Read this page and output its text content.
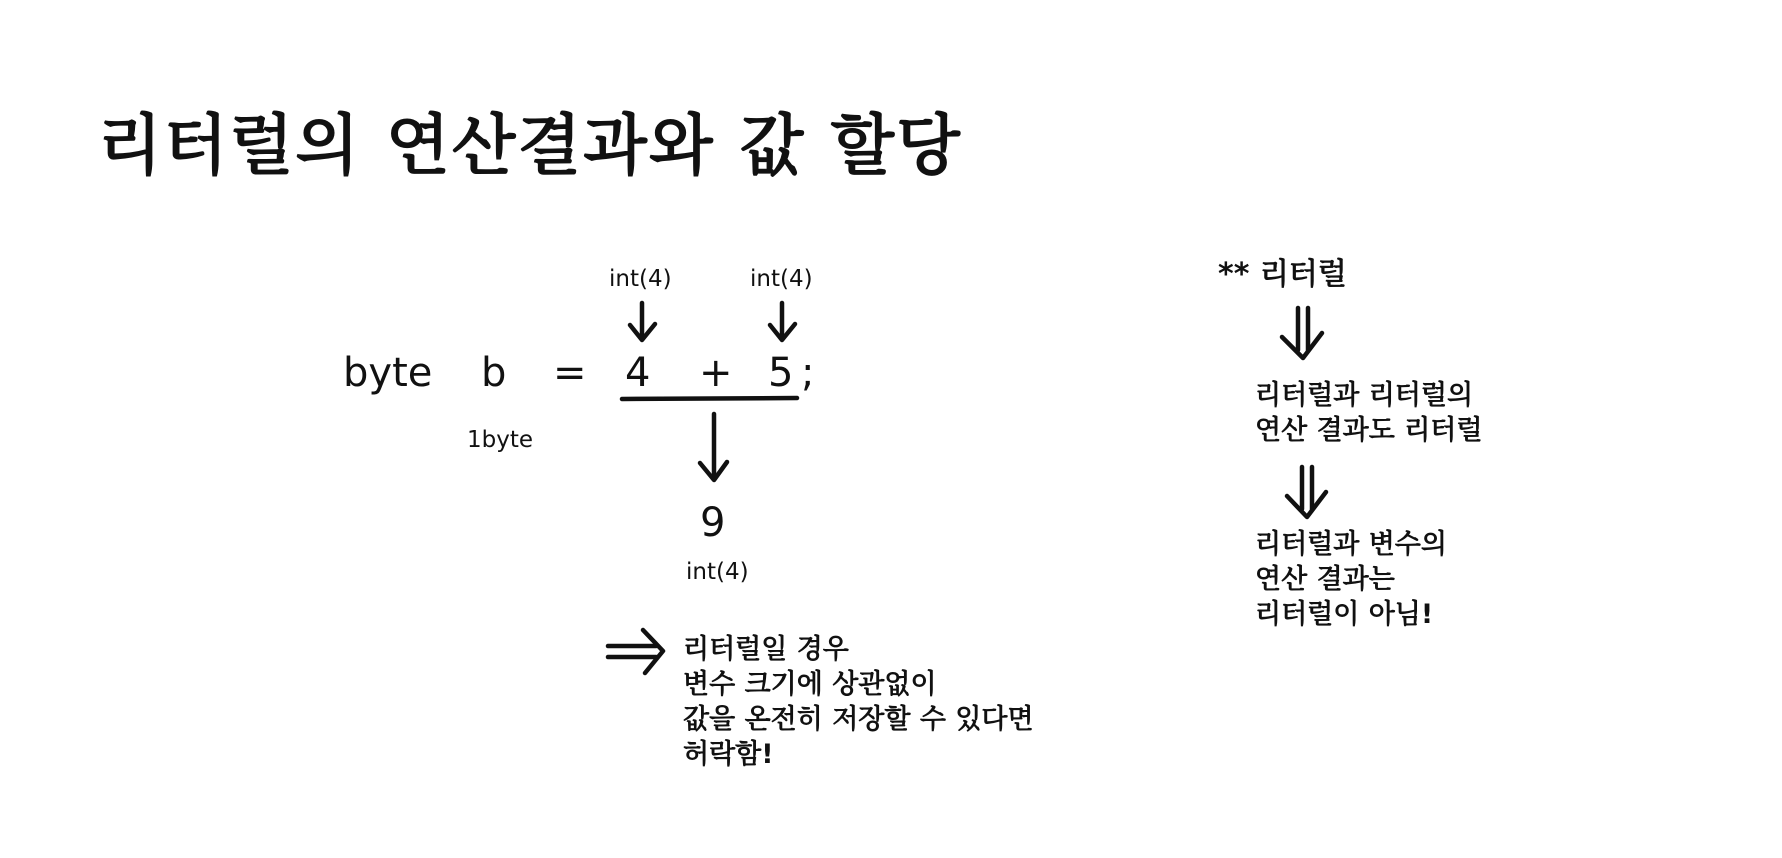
리터럴의 연산결과와 값 할당
byte b = 4 + 5 ;
int(4)	int(4)
1byte
9
int(4)
리터럴일 경우
변수 크기에 상관없이
값을 온전히 저장할 수 있다면
허락함!
** 리터럴
리터럴과 리터럴의
연산 결과도 리터럴
리터럴과 변수의
연산 결과는
리터럴이 아님!
